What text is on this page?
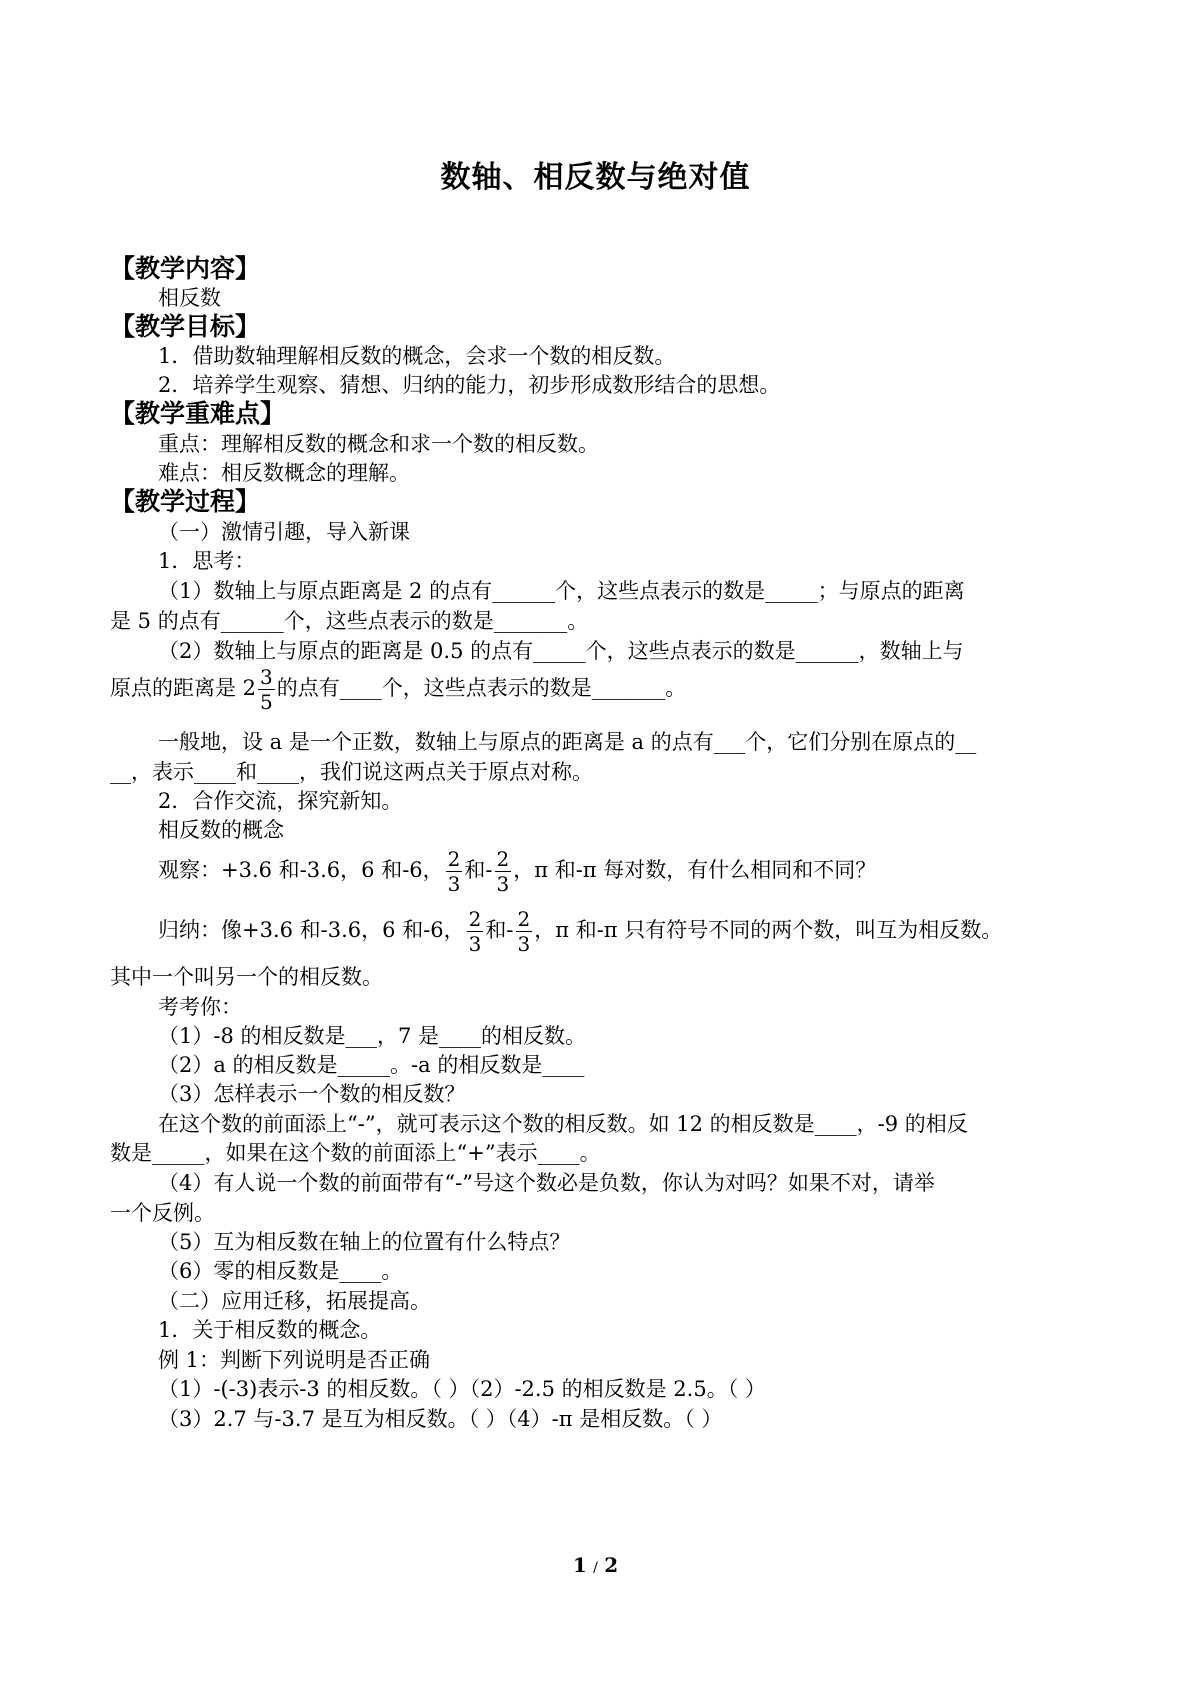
数轴、相反数与绝对值
【教学内容】
相反数
【教学目标】
1．借助数轴理解相反数的概念，会求一个数的相反数。
2．培养学生观察、猜想、归纳的能力，初步形成数形结合的思想。
【教学重难点】
重点：理解相反数的概念和求一个数的相反数。
难点：相反数概念的理解。
【教学过程】
（一）激情引趣，导入新课
1．思考：
（1）数轴上与原点距离是 2 的点有______个，这些点表示的数是_____；与原点的距离
是 5 的点有______个，这些点表示的数是_______。
（2）数轴上与原点的距离是 0.5 的点有_____个，这些点表示的数是______，数轴上与
原点的距离是 $2 \frac{3}{5}$ 的点有____个，这些点表示的数是_______。
一般地，设 a 是一个正数，数轴上与原点的距离是 a 的点有___个，它们分别在原点的__
__，表示____和____，我们说这两点关于原点对称。
2．合作交流，探究新知。
相反数的概念
观察：+3.6 和-3.6，6 和-6， $\frac{2}{3}$ 和- $\frac{2}{3}$ ，π 和-π 每对数，有什么相同和不同？
归纳：像+3.6 和-3.6，6 和-6， $\frac{2}{3}$ 和- $\frac{2}{3}$ ，π 和-π 只有符号不同的两个数，叫互为相反数。
其中一个叫另一个的相反数。
考考你：
（1）-8 的相反数是___，7 是____的相反数。
（2）a 的相反数是_____。-a 的相反数是____
（3）怎样表示一个数的相反数？
在这个数的前面添上“-”，就可表示这个数的相反数。如 12 的相反数是____，-9 的相反
数是_____，如果在这个数的前面添上“+”表示____。
（4）有人说一个数的前面带有“-”号这个数必是负数，你认为对吗？如果不对，请举
一个反例。
（5）互为相反数在轴上的位置有什么特点？
（6）零的相反数是____。
（二）应用迁移，拓展提高。
1．关于相反数的概念。
例 1：判断下列说明是否正确
（1）-(-3)表示-3 的相反数。（ ）（2）-2.5 的相反数是 2.5。（ ）
（3）2.7 与-3.7 是互为相反数。（ ）（4）-π 是相反数。（ ）
1 / 2
